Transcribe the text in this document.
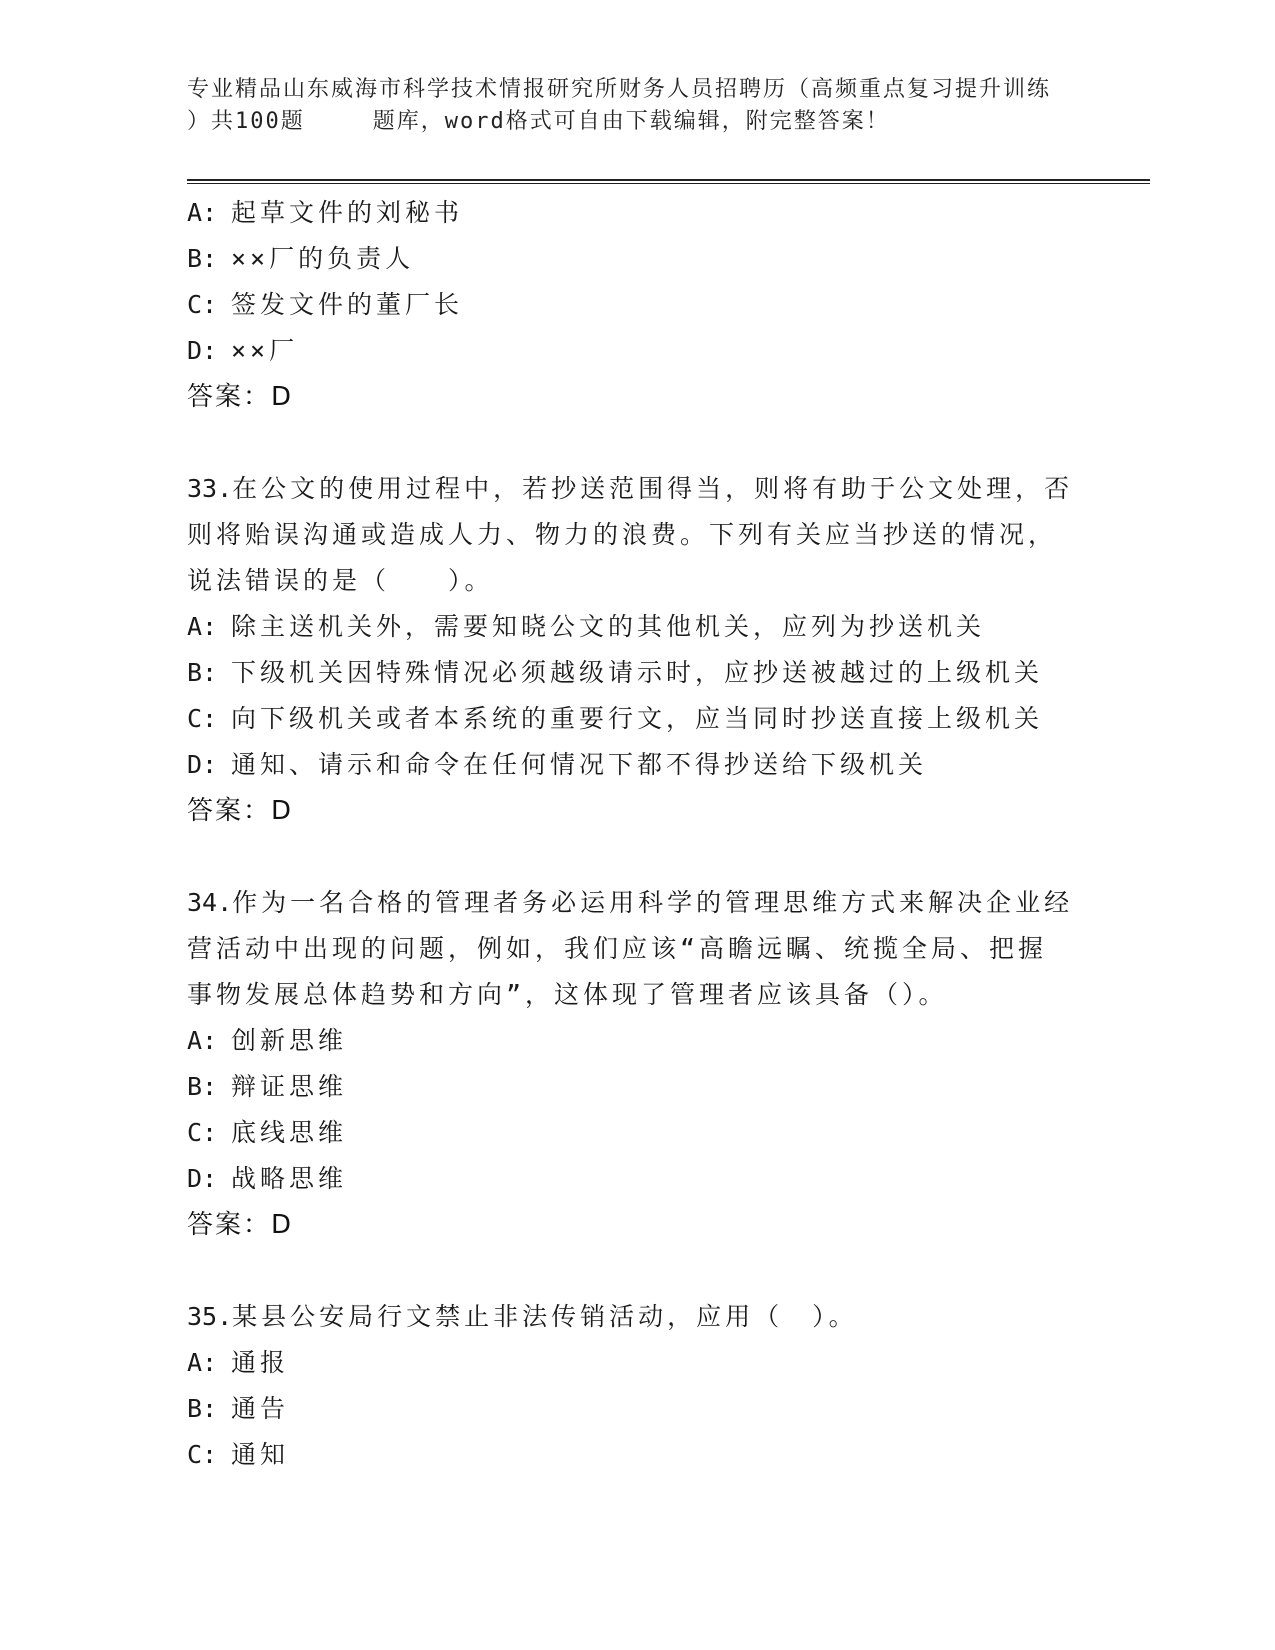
专业精品山东威海市科学技术情报研究所财务人员招聘历（高频重点复习提升训练
）共100题	题库，word格式可自由下载编辑，附完整答案！
A: 起草文件的刘秘书
B: ××厂的负责人
C: 签发文件的董厂长
D: ××厂
答案：D
33.在公文的使用过程中，若抄送范围得当，则将有助于公文处理，否
则将贻误沟通或造成人力、物力的浪费。下列有关应当抄送的情况，
说法错误的是（　　）。
A: 除主送机关外，需要知晓公文的其他机关，应列为抄送机关
B: 下级机关因特殊情况必须越级请示时，应抄送被越过的上级机关
C: 向下级机关或者本系统的重要行文，应当同时抄送直接上级机关
D: 通知、请示和命令在任何情况下都不得抄送给下级机关
答案：D
34.作为一名合格的管理者务必运用科学的管理思维方式来解决企业经
营活动中出现的问题，例如，我们应该“高瞻远瞩、统揽全局、把握
事物发展总体趋势和方向”，这体现了管理者应该具备（）。
A: 创新思维
B: 辩证思维
C: 底线思维
D: 战略思维
答案：D
35.某县公安局行文禁止非法传销活动，应用（　）。
A: 通报
B: 通告
C: 通知
